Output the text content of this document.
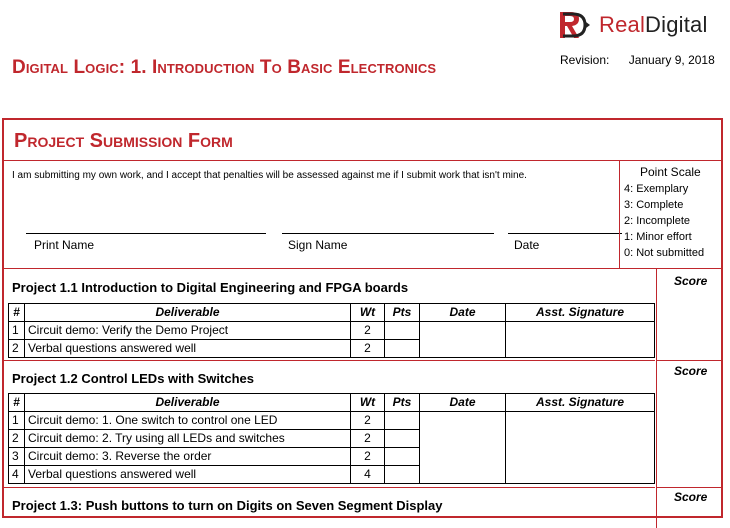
RealDigital
Digital Logic: 1. Introduction To Basic Electronics	Revision: January 9, 2018
Project Submission Form
I am submitting my own work, and I accept that penalties will be assessed against me if I submit work that isn't mine.
Print Name	Sign Name	Date
Point Scale
4: Exemplary
3: Complete
2: Incomplete
1: Minor effort
0: Not submitted
Project 1.1 Introduction to Digital Engineering and FPGA boards	Score
#	Deliverable	Wt	Pts	Date	Asst. Signature
1	Circuit demo: Verify the Demo Project	2			
2	Verbal questions answered well	2			
Project 1.2 Control LEDs with Switches	Score
#	Deliverable	Wt	Pts	Date	Asst. Signature
1	Circuit demo: 1. One switch to control one LED	2			
2	Circuit demo: 2. Try using all LEDs and switches	2			
3	Circuit demo: 3. Reverse the order	2			
4	Verbal questions answered well	4			
Project 1.3: Push buttons to turn on Digits on Seven Segment Display
Score
